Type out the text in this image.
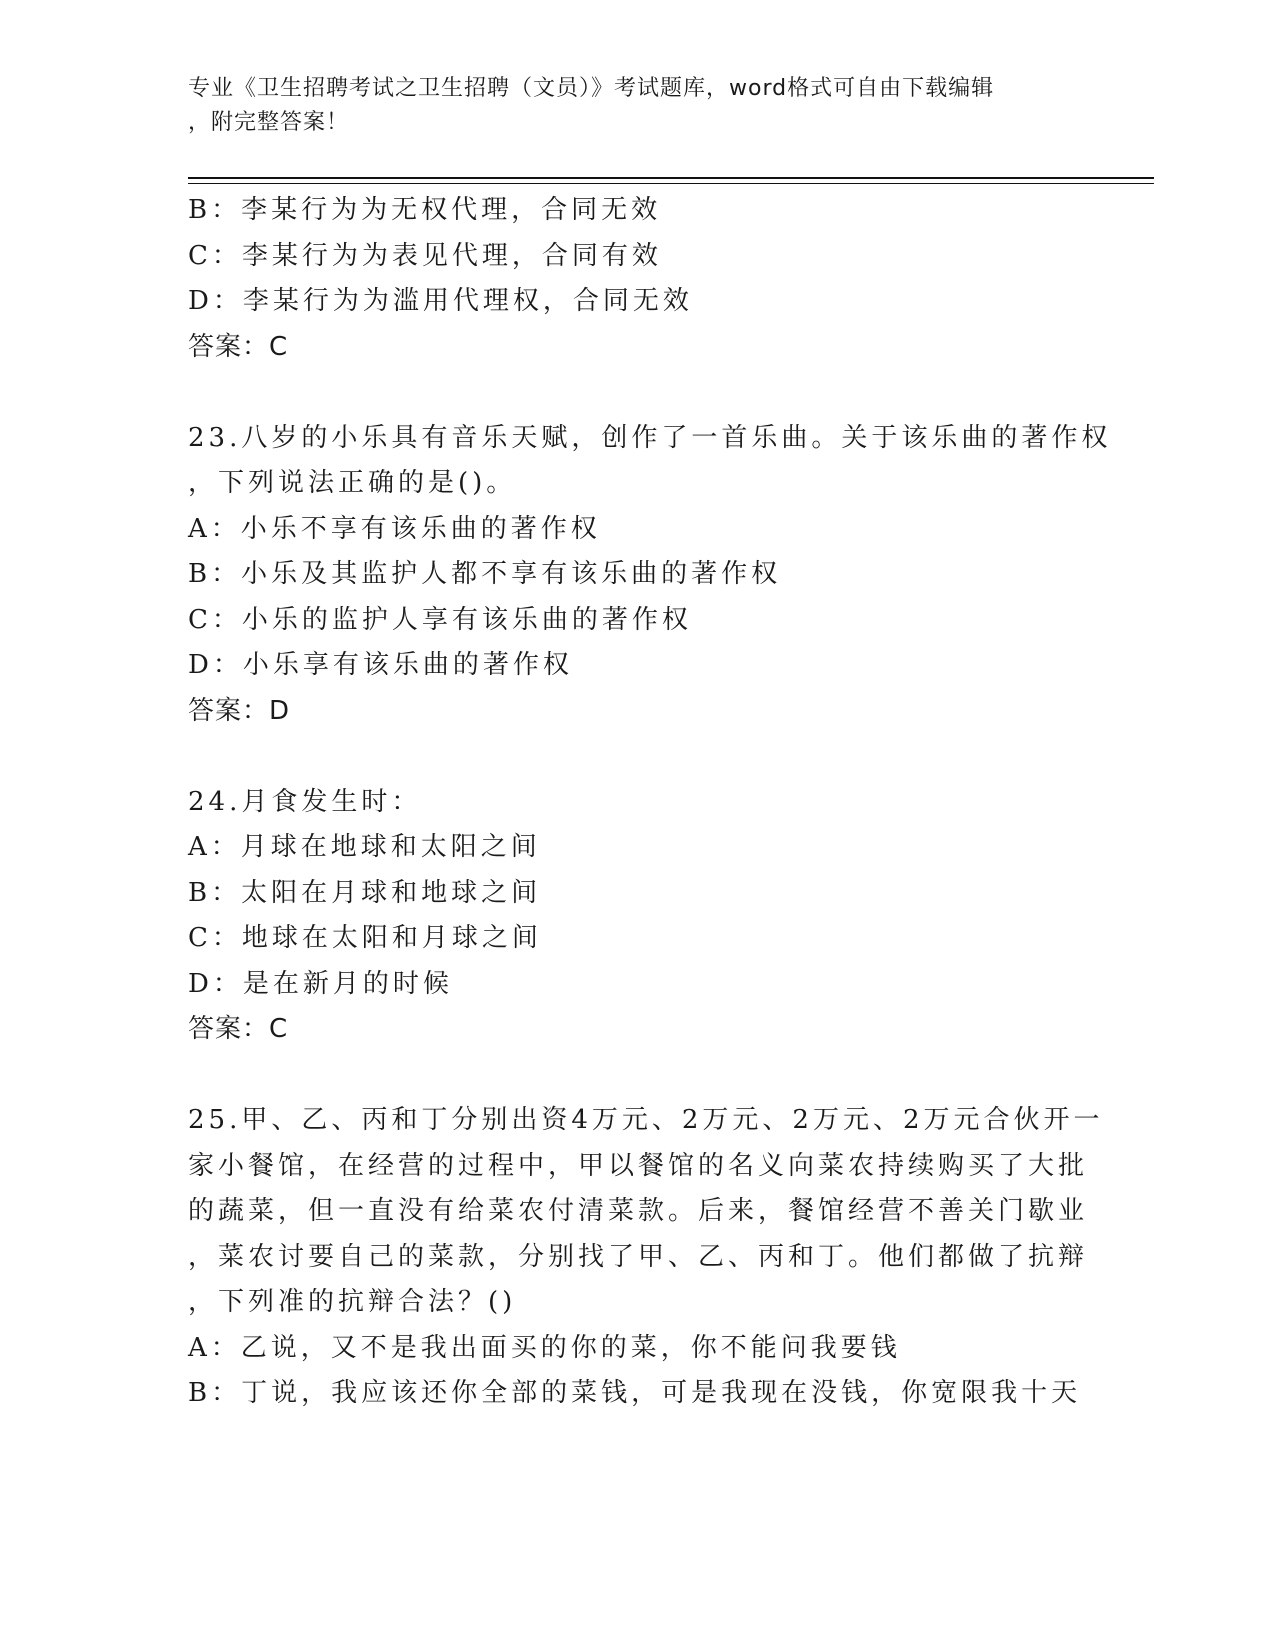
专业《卫生招聘考试之卫生招聘（文员）》考试题库，word格式可自由下载编辑
，附完整答案！
B：李某行为为无权代理，合同无效
C：李某行为为表见代理，合同有效
D：李某行为为滥用代理权，合同无效
答案：C
23.八岁的小乐具有音乐天赋，创作了一首乐曲。关于该乐曲的著作权
，下列说法正确的是()。
A：小乐不享有该乐曲的著作权
B：小乐及其监护人都不享有该乐曲的著作权
C：小乐的监护人享有该乐曲的著作权
D：小乐享有该乐曲的著作权
答案：D
24.月食发生时：
A：月球在地球和太阳之间
B：太阳在月球和地球之间
C：地球在太阳和月球之间
D：是在新月的时候
答案：C
25.甲、乙、丙和丁分别出资4万元、2万元、2万元、2万元合伙开一
家小餐馆，在经营的过程中，甲以餐馆的名义向菜农持续购买了大批
的蔬菜，但一直没有给菜农付清菜款。后来，餐馆经营不善关门歇业
，菜农讨要自己的菜款，分别找了甲、乙、丙和丁。他们都做了抗辩
，下列准的抗辩合法？()
A：乙说，又不是我出面买的你的菜，你不能问我要钱
B：丁说，我应该还你全部的菜钱，可是我现在没钱，你宽限我十天
